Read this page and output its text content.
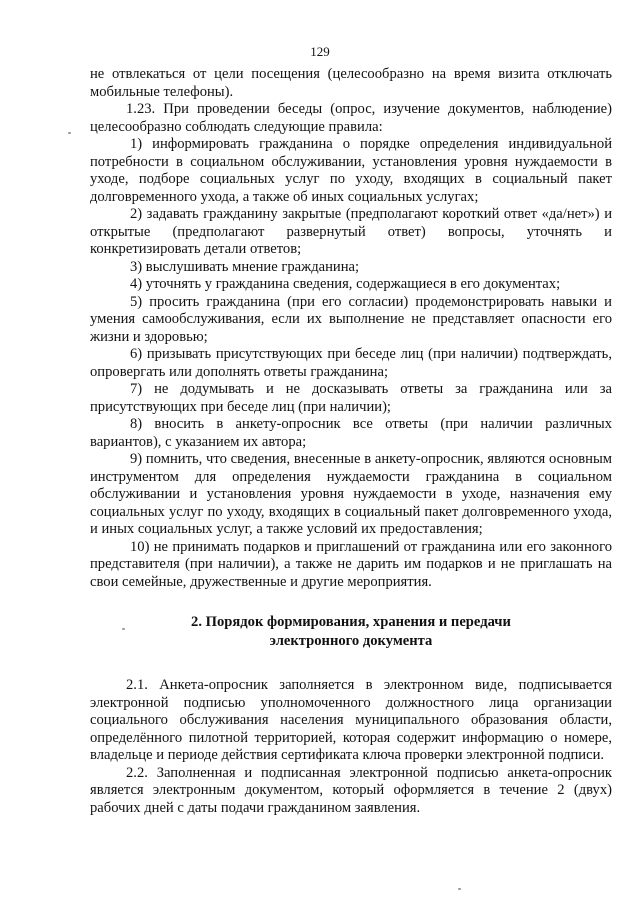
129

не отвлекаться от цели посещения (целесообразно на время визита отключать мобильные телефоны).

1.23. При проведении беседы (опрос, изучение документов, наблюдение) целесообразно соблюдать следующие правила:

1) информировать гражданина о порядке определения индивидуальной потребности в социальном обслуживании, установления уровня нуждаемости в уходе, подборе социальных услуг по уходу, входящих в социальный пакет долговременного ухода, а также об иных социальных услугах;

2) задавать гражданину закрытые (предполагают короткий ответ «да/нет») и открытые (предполагают развернутый ответ) вопросы, уточнять и конкретизировать детали ответов;

3) выслушивать мнение гражданина;

4) уточнять у гражданина сведения, содержащиеся в его документах;

5) просить гражданина (при его согласии) продемонстрировать навыки и умения самообслуживания, если их выполнение не представляет опасности его жизни и здоровью;

6) призывать присутствующих при беседе лиц (при наличии) подтверждать, опровергать или дополнять ответы гражданина;

7) не додумывать и не досказывать ответы за гражданина или за присутствующих при беседе лиц (при наличии);

8) вносить в анкету-опросник все ответы (при наличии различных вариантов), с указанием их автора;

9) помнить, что сведения, внесенные в анкету-опросник, являются основным инструментом для определения нуждаемости гражданина в социальном обслуживании и установления уровня нуждаемости в уходе, назначения ему социальных услуг по уходу, входящих в социальный пакет долговременного ухода, и иных социальных услуг, а также условий их предоставления;

10) не принимать подарков и приглашений от гражданина или его законного представителя (при наличии), а также не дарить им подарков и не приглашать на свои семейные, дружественные и другие мероприятия.

2. Порядок формирования, хранения и передачи
электронного документа

2.1. Анкета-опросник заполняется в электронном виде, подписывается электронной подписью уполномоченного должностного лица организации социального обслуживания населения муниципального образования области, определённого пилотной территорией, которая содержит информацию о номере, владельце и периоде действия сертификата ключа проверки электронной подписи.

2.2. Заполненная и подписанная электронной подписью анкета-опросник является электронным документом, который оформляется в течение 2 (двух) рабочих дней с даты подачи гражданином заявления.
